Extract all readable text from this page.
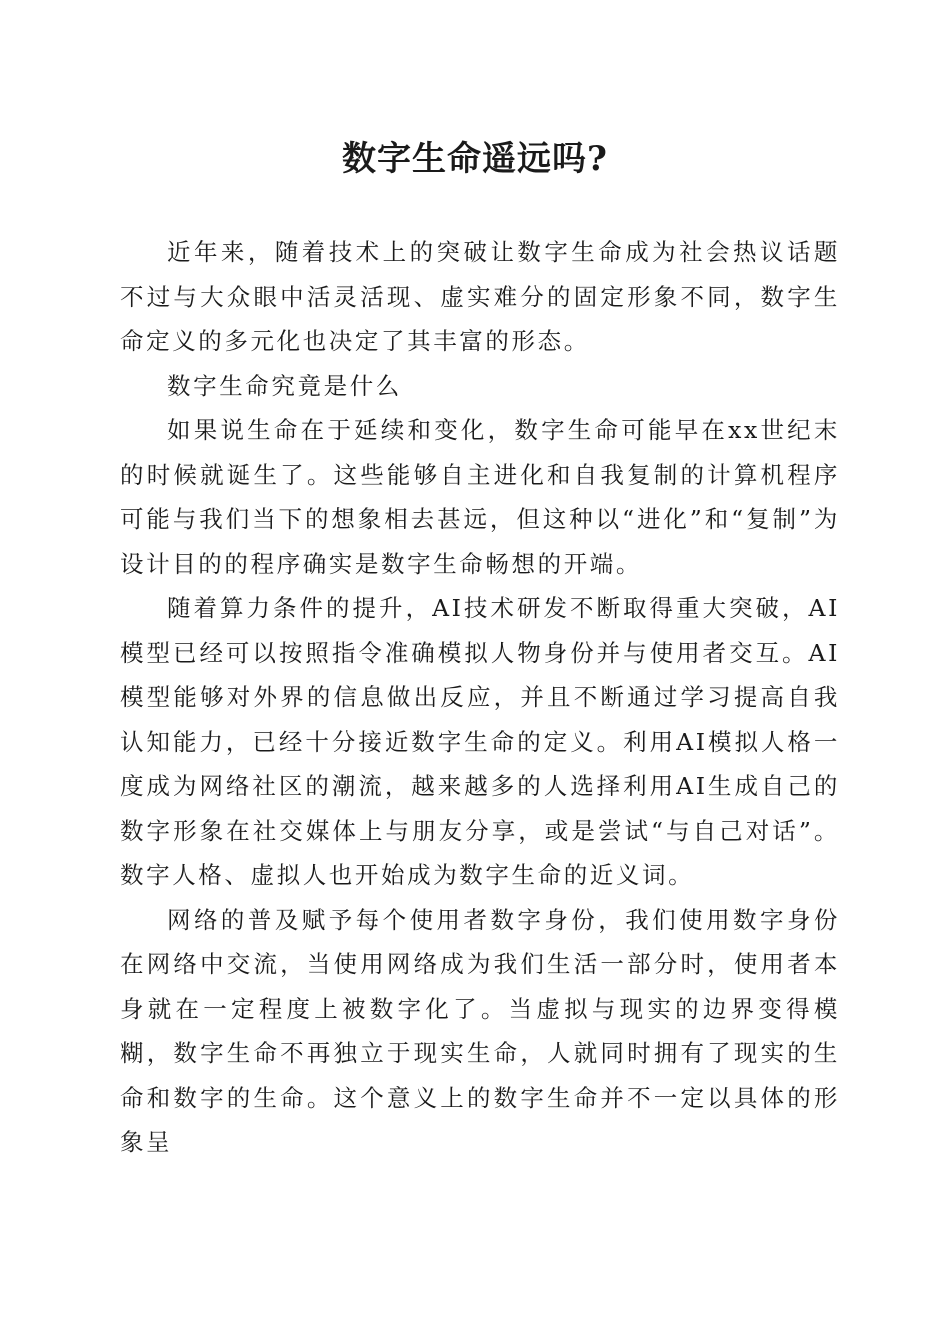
数字生命遥远吗?

近年来，随着技术上的突破让数字生命成为社会热议话题不过与大众眼中活灵活现、虚实难分的固定形象不同，数字生命定义的多元化也决定了其丰富的形态。

数字生命究竟是什么

如果说生命在于延续和变化，数字生命可能早在xx世纪末的时候就诞生了。这些能够自主进化和自我复制的计算机程序可能与我们当下的想象相去甚远，但这种以“进化”和“复制”为设计目的的程序确实是数字生命畅想的开端。

随着算力条件的提升，AI技术研发不断取得重大突破，AI模型已经可以按照指令准确模拟人物身份并与使用者交互。AI模型能够对外界的信息做出反应，并且不断通过学习提高自我认知能力，已经十分接近数字生命的定义。利用AI模拟人格一度成为网络社区的潮流，越来越多的人选择利用AI生成自己的数字形象在社交媒体上与朋友分享，或是尝试“与自己对话”。数字人格、虚拟人也开始成为数字生命的近义词。

网络的普及赋予每个使用者数字身份，我们使用数字身份在网络中交流，当使用网络成为我们生活一部分时，使用者本身就在一定程度上被数字化了。当虚拟与现实的边界变得模糊，数字生命不再独立于现实生命，人就同时拥有了现实的生命和数字的生命。这个意义上的数字生命并不一定以具体的形象呈
